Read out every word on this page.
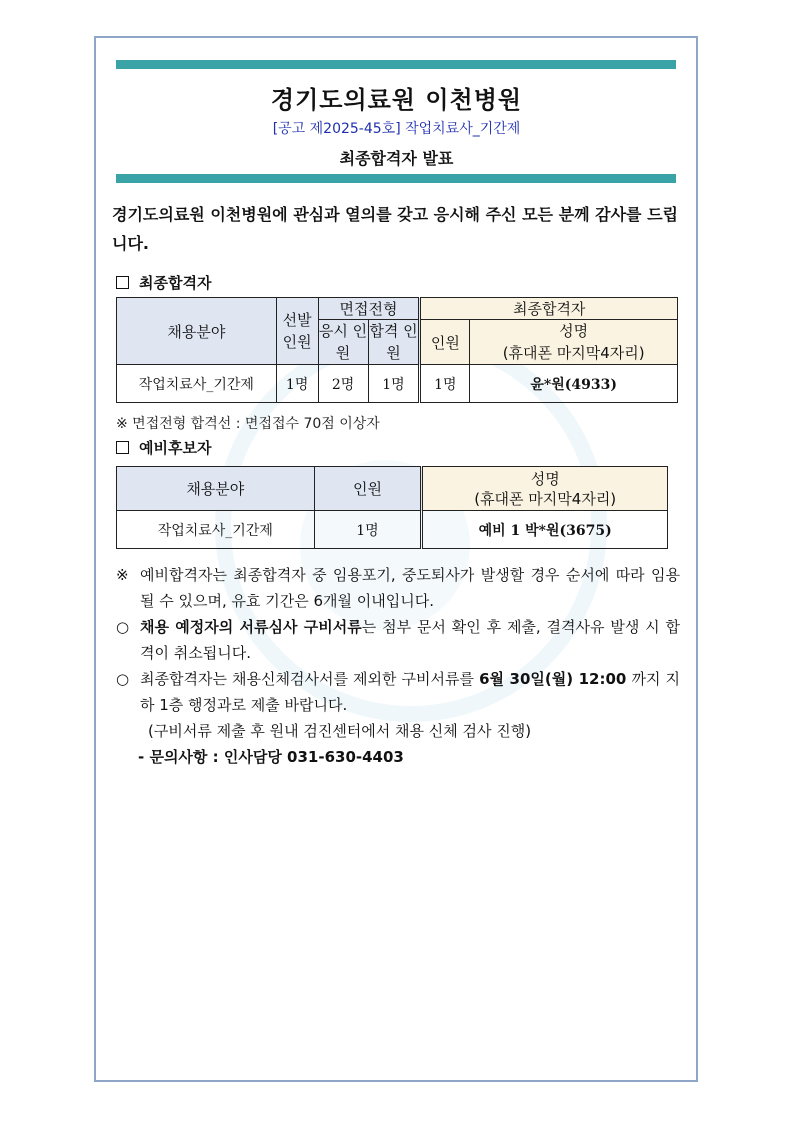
경기도의료원 이천병원
[공고 제2025-45호] 작업치료사_기간제
최종합격자 발표
경기도의료원 이천병원에 관심과 열의를 갖고 응시해 주신 모든 분께 감사를 드립니다.
최종합격자
채용분야	선발 인원	면접전형		최종합격자	
		응시 인원	합격 인원	인원	성명
(휴대폰 마지막4자리)

작업치료사_기간제	1명	2명	1명	1명	윤*원(4933)
※ 면접전형 합격선 : 면접접수 70점 이상자
예비후보자
채용분야	인원	성명
(휴대폰 마지막4자리)

작업치료사_기간제	1명	예비 1 박*원(3675)
※ 예비합격자는 최종합격자 중 임용포기, 중도퇴사가 발생할 경우 순서에 따라 임용될 수 있으며, 유효 기간은 6개월 이내입니다.
○ 채용 예정자의 서류심사 구비서류는 첨부 문서 확인 후 제출, 결격사유 발생 시 합격이 취소됩니다.
○ 최종합격자는 채용신체검사서를 제외한 구비서류를 6월 30일(월) 12:00 까지 지하 1층 행정과로 제출 바랍니다.
(구비서류 제출 후 원내 검진센터에서 채용 신체 검사 진행)
- 문의사항 : 인사담당 031-630-4403
